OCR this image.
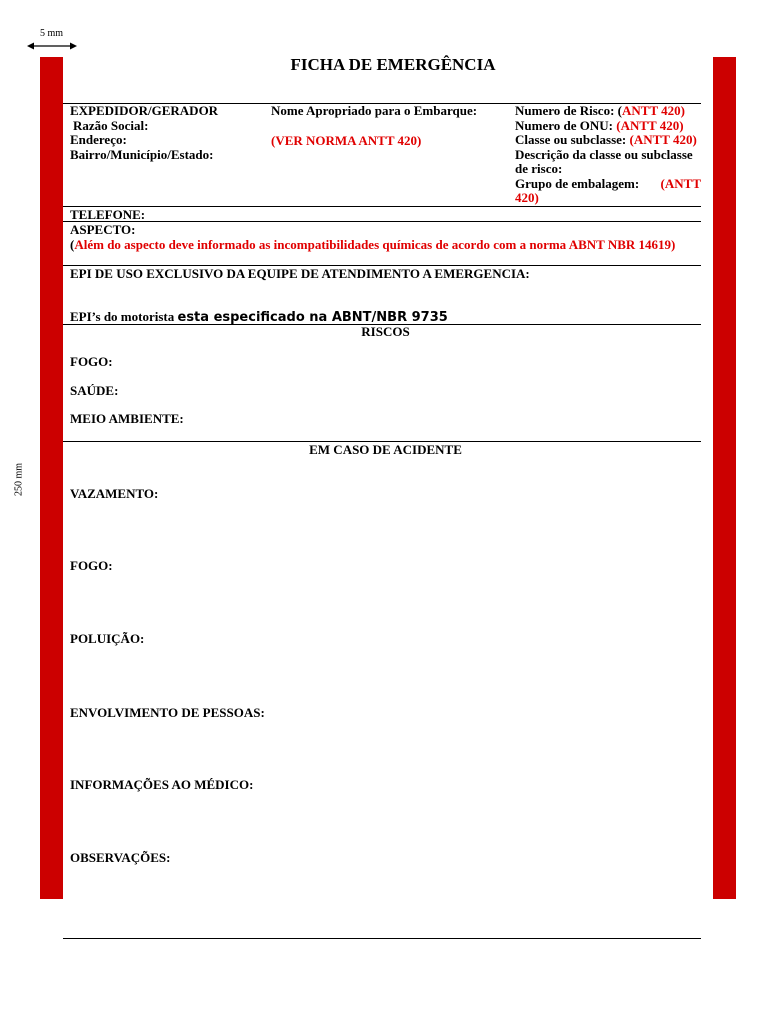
5 mm
250 mm
FICHA DE EMERGÊNCIA
EXPEDIDOR/GERADOR
Razão Social:
Endereço:
Bairro/Município/Estado:
Nome Apropriado para o Embarque:
(VER NORMA ANTT 420)
Numero de Risco: (ANTT 420)
Numero de ONU: (ANTT 420)
Classe ou subclasse: (ANTT 420)
Descrição da classe ou subclasse
de risco:
Grupo de embalagem: (ANTT
420)
TELEFONE:
ASPECTO:
(Além do aspecto deve informado as incompatibilidades químicas de acordo com a norma ABNT NBR 14619)
EPI DE USO EXCLUSIVO DA EQUIPE DE ATENDIMENTO A EMERGENCIA:
EPI’s do motorista esta especificado na ABNT/NBR 9735
RISCOS
FOGO:
SAÚDE:
MEIO AMBIENTE:
EM CASO DE ACIDENTE
VAZAMENTO:
FOGO:
POLUIÇÃO:
ENVOLVIMENTO DE PESSOAS:
INFORMAÇÕES AO MÉDICO:
OBSERVAÇÕES:
